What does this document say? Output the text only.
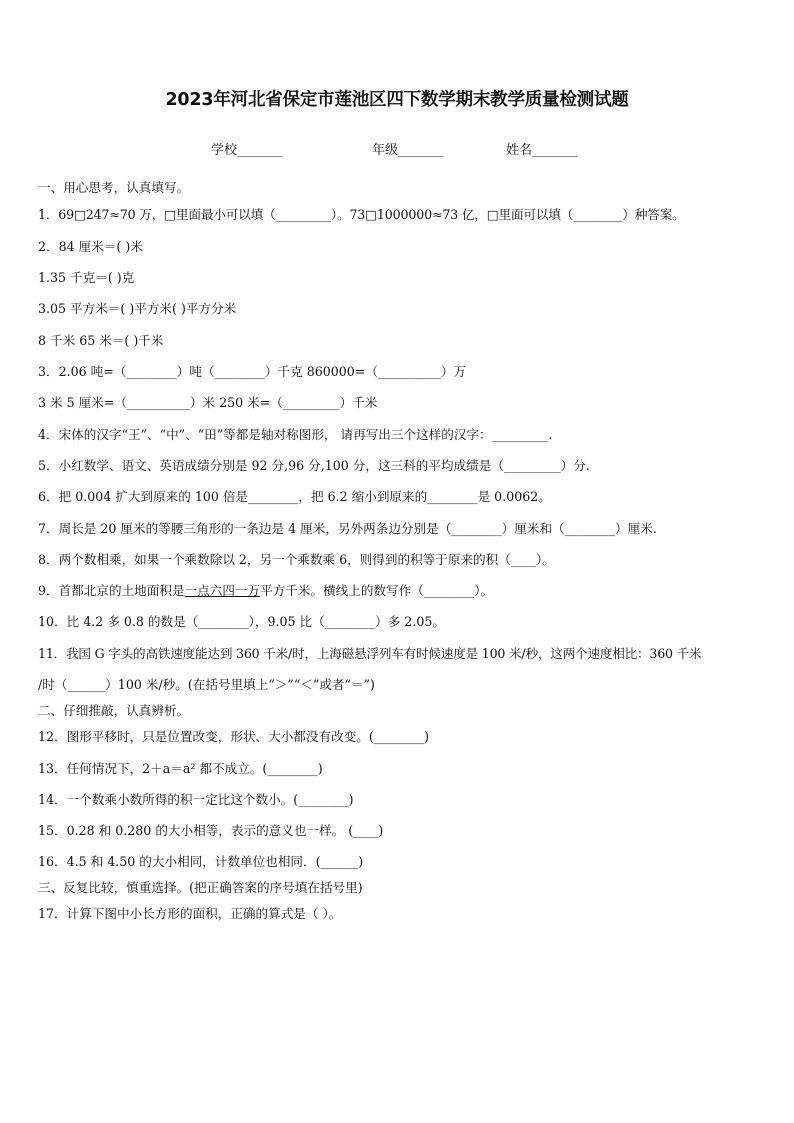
2023年河北省保定市莲池区四下数学期末教学质量检测试题
学校_______	年级_______	姓名_______
一、用心思考，认真填写。
1．69□247≈70 万，□里面最小可以填（_________）。73□1000000≈73 亿，□里面可以填（________）种答案。
2．84 厘米＝( )米
1.35 千克＝( )克
3.05 平方米＝( )平方米( )平方分米
8 千米 65 米＝( )千米
3．2.06 吨=（________）吨（________）千克 860000=（__________）万
3 米 5 厘米=（__________）米 250 米=（_________）千米
4．宋体的汉字“王”、“中”、“田”等都是轴对称图形， 请再写出三个这样的汉字：_________.
5．小红数学、语文、英语成绩分别是 92 分,96 分,100 分，这三科的平均成绩是（_________）分.
6．把 0.004 扩大到原来的 100 倍是________，把 6.2 缩小到原来的________是 0.0062。
7．周长是 20 厘米的等腰三角形的一条边是 4 厘米，另外两条边分别是（________）厘米和（________）厘米.
8．两个数相乘，如果一个乘数除以 2，另一个乘数乘 6，则得到的积等于原来的积（____）。
9．首都北京的土地面积是一点六四一万平方千米。横线上的数写作（________）。
10．比 4.2 多 0.8 的数是（________），9.05 比（________）多 2.05。
11．我国 G 字头的高铁速度能达到 360 千米/时，上海磁悬浮列车有时候速度是 100 米/秒，这两个速度相比：360 千米
/时（______）100 米/秒。(在括号里填上“＞”“＜”或者“＝”)
二、仔细推敲，认真辨析。
12．图形平移时，只是位置改变，形状、大小都没有改变。(________)
13．任何情况下，2＋a＝a² 都不成立。(________)
14．一个数乘小数所得的积一定比这个数小。(________)
15．0.28 和 0.280 的大小相等，表示的意义也一样。 (____)
16．4.5 和 4.50 的大小相同，计数单位也相同．(______)
三、反复比较，慎重选择。(把正确答案的序号填在括号里)
17．计算下图中小长方形的面积，正确的算式是（ ）。
